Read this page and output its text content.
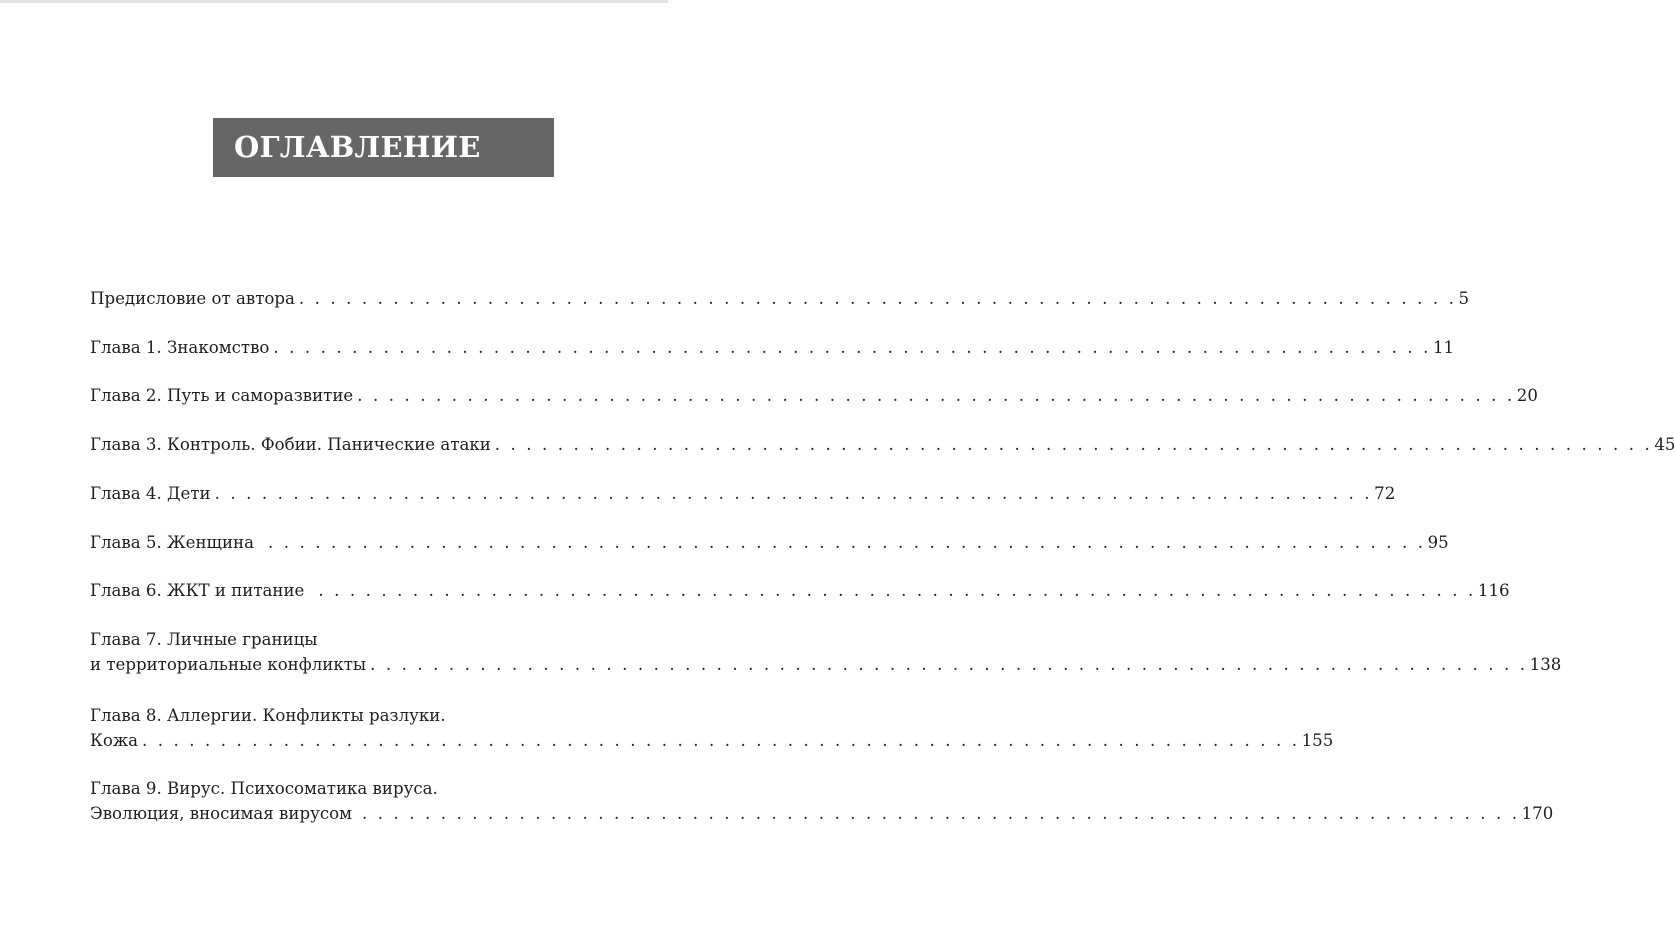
ОГЛАВЛЕНИЕ
Предисловие от автора . . . . . . . . . . . . . . . . . . . . . . . . . . . . . . . . . . . . . . . . . . . . . . . . . . . . . . . . . . . . . . . . . . . . . . . . . . 5
Глава 1. Знакомство . . . . . . . . . . . . . . . . . . . . . . . . . . . . . . . . . . . . . . . . . . . . . . . . . . . . . . . . . . . . . . . . . . . . . . . . . . 11
Глава 2. Путь и саморазвитие . . . . . . . . . . . . . . . . . . . . . . . . . . . . . . . . . . . . . . . . . . . . . . . . . . . . . . . . . . . . . . . . . . . . . . . . . . 20
Глава 3. Контроль. Фобии. Панические атаки . . . . . . . . . . . . . . . . . . . . . . . . . . . . . . . . . . . . . . . . . . . . . . . . . . . . . . . . . . . . . . . . . . . . . . . . . . 45
Глава 4. Дети . . . . . . . . . . . . . . . . . . . . . . . . . . . . . . . . . . . . . . . . . . . . . . . . . . . . . . . . . . . . . . . . . . . . . . . . . . 72
Глава 5. Женщина . . . . . . . . . . . . . . . . . . . . . . . . . . . . . . . . . . . . . . . . . . . . . . . . . . . . . . . . . . . . . . . . . . . . . . . . . . 95
Глава 6. ЖКТ и питание . . . . . . . . . . . . . . . . . . . . . . . . . . . . . . . . . . . . . . . . . . . . . . . . . . . . . . . . . . . . . . . . . . . . . . . . . . 116
Глава 7. Личные границы
и территориальные конфликты . . . . . . . . . . . . . . . . . . . . . . . . . . . . . . . . . . . . . . . . . . . . . . . . . . . . . . . . . . . . . . . . . . . . . . . . . . 138
Глава 8. Аллергии. Конфликты разлуки.
Кожа . . . . . . . . . . . . . . . . . . . . . . . . . . . . . . . . . . . . . . . . . . . . . . . . . . . . . . . . . . . . . . . . . . . . . . . . . . 155
Глава 9. Вирус. Психосоматика вируса.
Эволюция, вносимая вирусом . . . . . . . . . . . . . . . . . . . . . . . . . . . . . . . . . . . . . . . . . . . . . . . . . . . . . . . . . . . . . . . . . . . . . . . . . . 170
